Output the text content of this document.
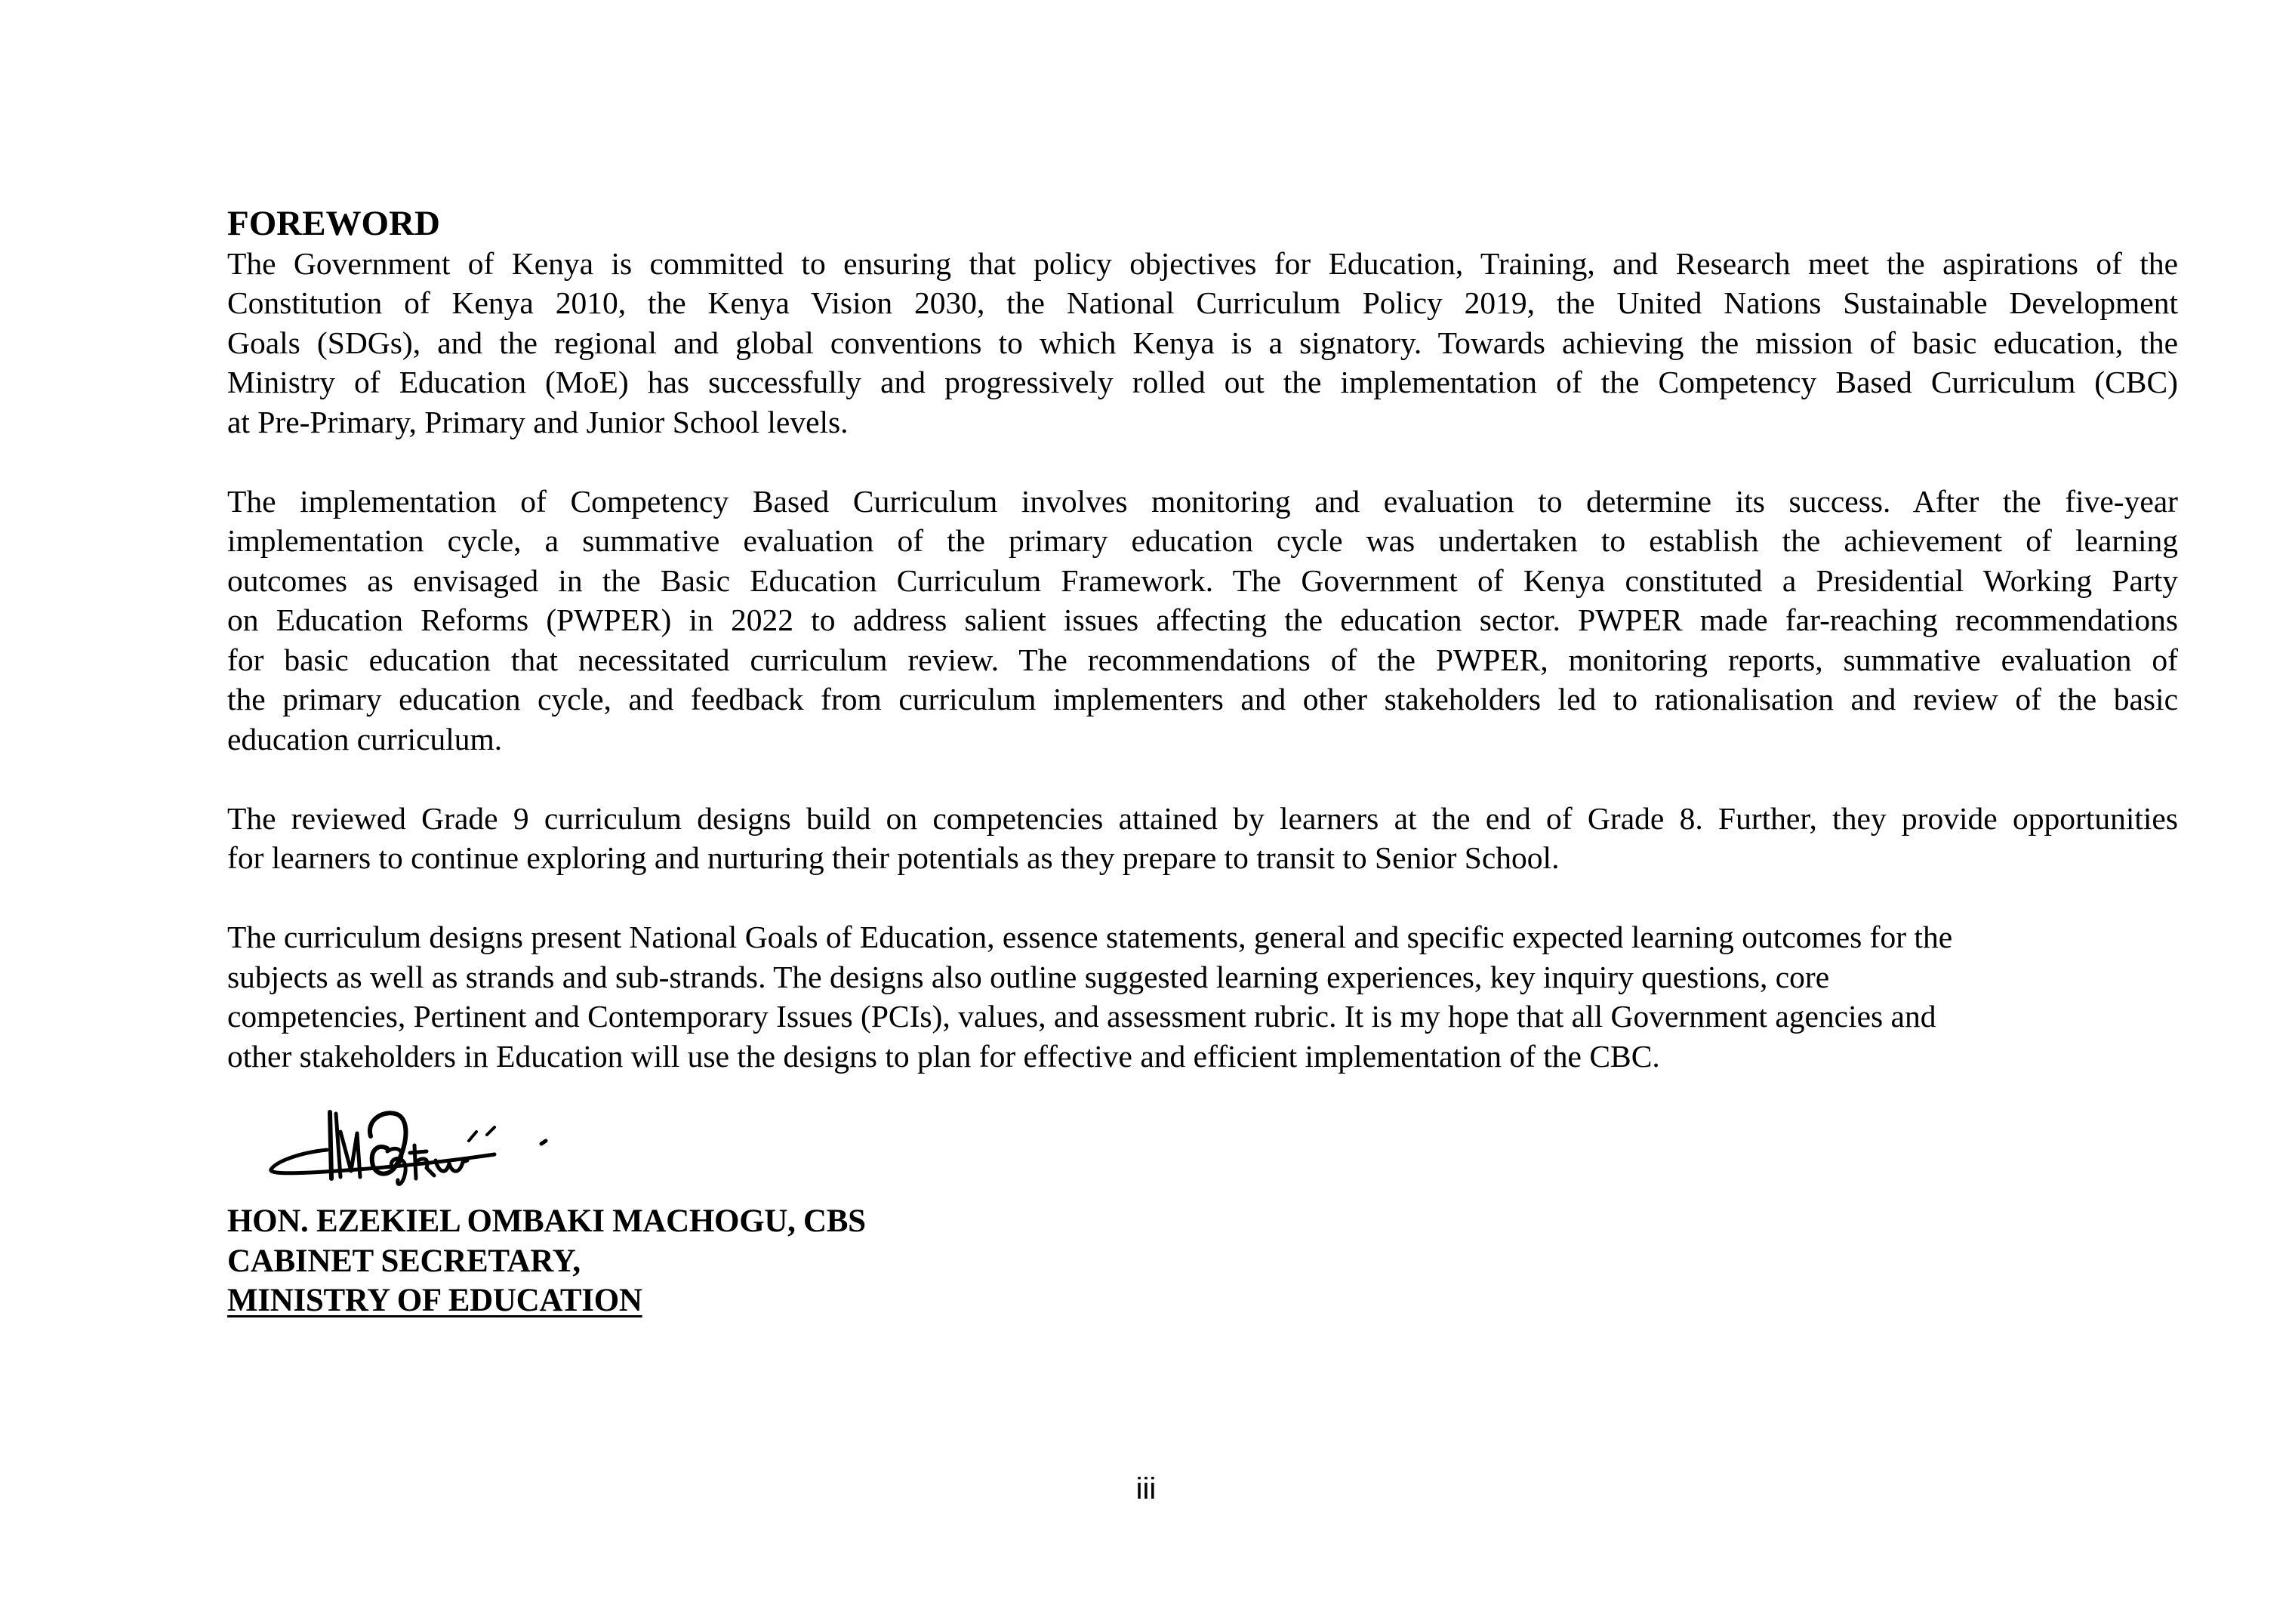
FOREWORD
The Government of Kenya is committed to ensuring that policy objectives for Education, Training, and Research meet the aspirations of the
Constitution of Kenya 2010, the Kenya Vision 2030, the National Curriculum Policy 2019, the United Nations Sustainable Development
Goals (SDGs), and the regional and global conventions to which Kenya is a signatory. Towards achieving the mission of basic education, the
Ministry of Education (MoE) has successfully and progressively rolled out the implementation of the Competency Based Curriculum (CBC)
at Pre-Primary, Primary and Junior School levels.
The implementation of Competency Based Curriculum involves monitoring and evaluation to determine its success. After the five-year
implementation cycle, a summative evaluation of the primary education cycle was undertaken to establish the achievement of learning
outcomes as envisaged in the Basic Education Curriculum Framework. The Government of Kenya constituted a Presidential Working Party
on Education Reforms (PWPER) in 2022 to address salient issues affecting the education sector. PWPER made far-reaching recommendations
for basic education that necessitated curriculum review. The recommendations of the PWPER, monitoring reports, summative evaluation of
the primary education cycle, and feedback from curriculum implementers and other stakeholders led to rationalisation and review of the basic
education curriculum.
The reviewed Grade 9 curriculum designs build on competencies attained by learners at the end of Grade 8. Further, they provide opportunities
for learners to continue exploring and nurturing their potentials as they prepare to transit to Senior School.
The curriculum designs present National Goals of Education, essence statements, general and specific expected learning outcomes for the
subjects as well as strands and sub-strands. The designs also outline suggested learning experiences, key inquiry questions, core
competencies, Pertinent and Contemporary Issues (PCIs), values, and assessment rubric. It is my hope that all Government agencies and
other stakeholders in Education will use the designs to plan for effective and efficient implementation of the CBC.
HON. EZEKIEL OMBAKI MACHOGU, CBS
CABINET SECRETARY,
MINISTRY OF EDUCATION
iii
